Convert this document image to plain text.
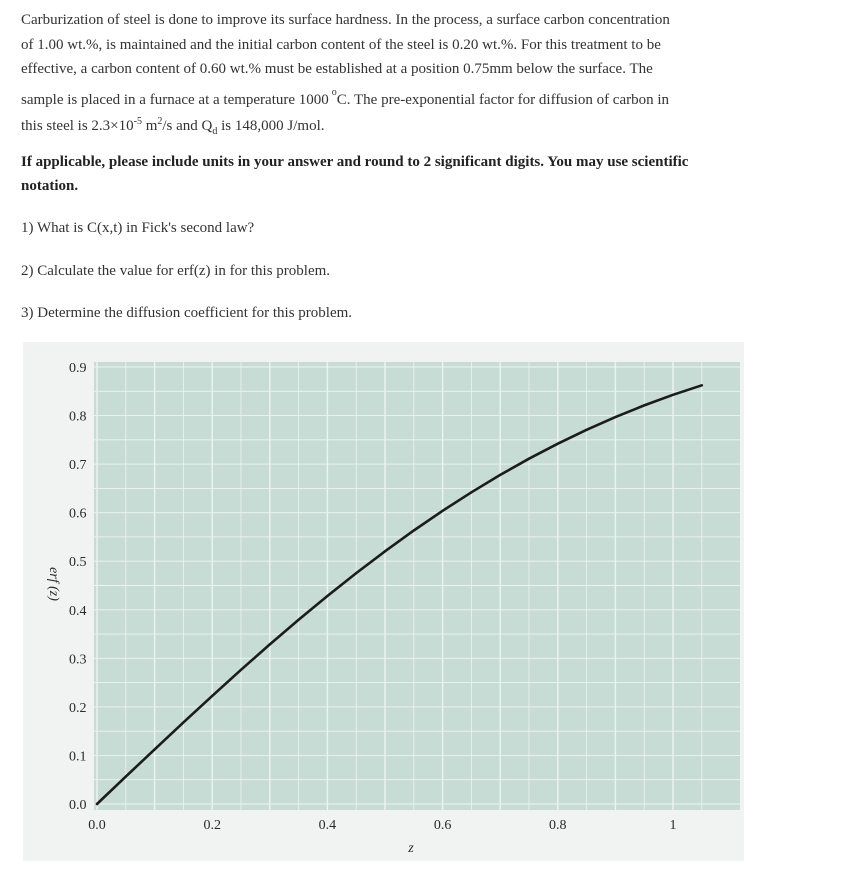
Carburization of steel is done to improve its surface hardness. In the process, a surface carbon concentration

of 1.00 wt.%, is maintained and the initial carbon content of the steel is 0.20 wt.%. For this treatment to be

effective, a carbon content of 0.60 wt.% must be established at a position 0.75mm below the surface. The

sample is placed in a furnace at a temperature 1000 $^o$C. The pre-exponential factor for diffusion of carbon in

this steel is $2.3\times 10^{-5}$ $m^2/s$ and $Q_d$ is 148,000 J/mol.

If applicable, please include units in your answer and round to 2 significant digits. You may use scientific notation.
1) What is C(x,t) in Fick's second law?
2) Calculate the value for erf(z) in for this problem.
3) Determine the diffusion coefficient for this problem.
0.0
0.1
0.2
0.3
0.4
0.5
0.6
0.7
0.8
0.9
0.0	0.2	0.4	0.6	0.8	1
erf (z)
z
